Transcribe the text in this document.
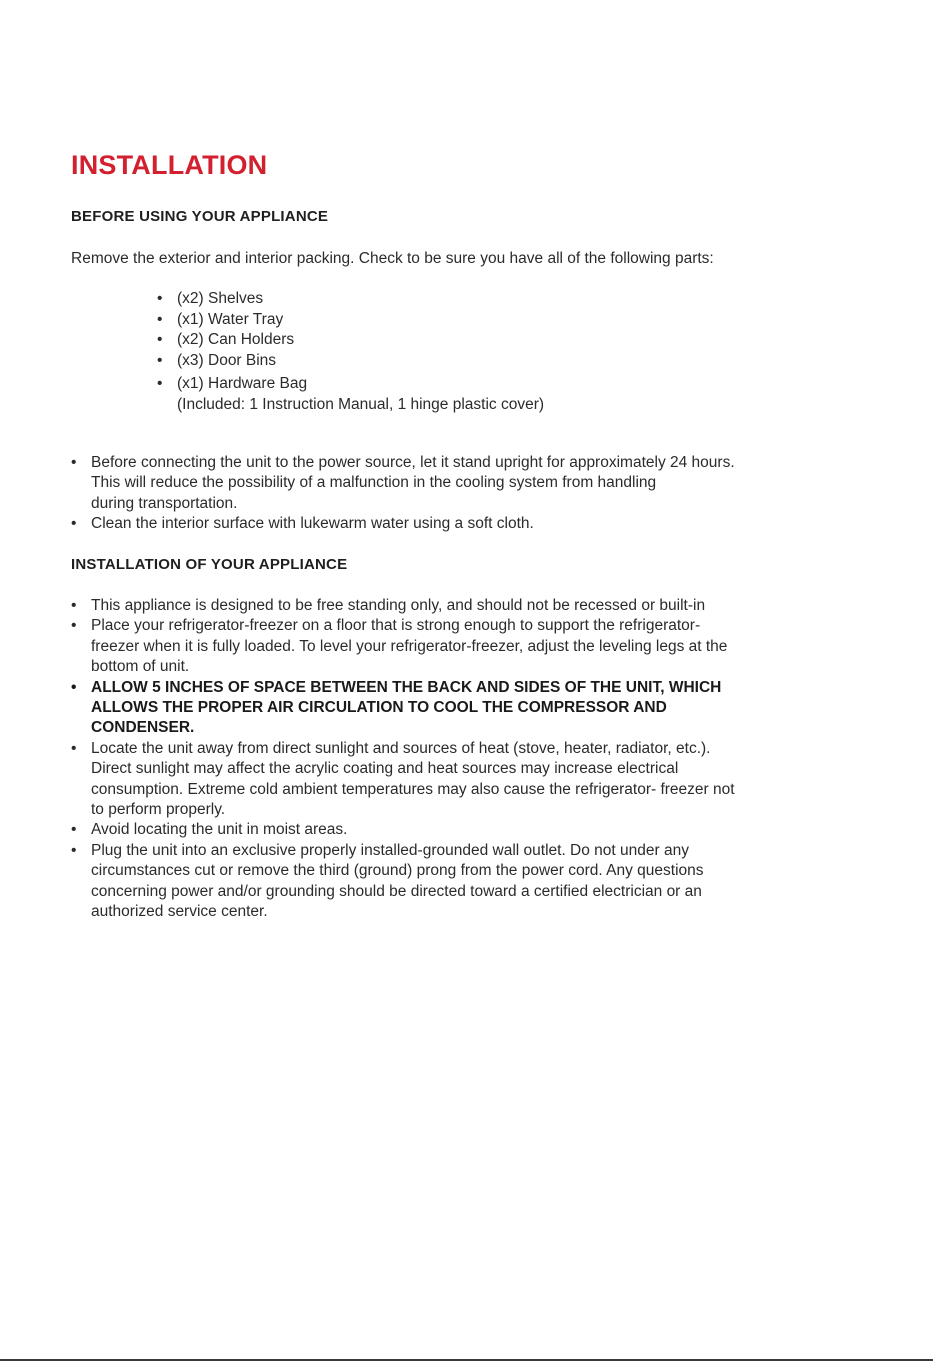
INSTALLATION
BEFORE USING YOUR APPLIANCE

Remove the exterior and interior packing. Check to be sure you have all of the following parts:

• (x2) Shelves
• (x1) Water Tray
• (x2) Can Holders
• (x3) Door Bins
• (x1) Hardware Bag
(Included: 1 Instruction Manual, 1 hinge plastic cover)
• Before connecting the unit to the power source, let it stand upright for approximately 24 hours.
This will reduce the possibility of a malfunction in the cooling system from handling
during transportation.
• Clean the interior surface with lukewarm water using a soft cloth.
INSTALLATION OF YOUR APPLIANCE
• This appliance is designed to be free standing only, and should not be recessed or built-in
• Place your refrigerator-freezer on a floor that is strong enough to support the refrigerator-
freezer when it is fully loaded. To level your refrigerator-freezer, adjust the leveling legs at the
bottom of unit.
• ALLOW 5 INCHES OF SPACE BETWEEN THE BACK AND SIDES OF THE UNIT, WHICH
ALLOWS THE PROPER AIR CIRCULATION TO COOL THE COMPRESSOR AND
CONDENSER.
• Locate the unit away from direct sunlight and sources of heat (stove, heater, radiator, etc.).
Direct sunlight may affect the acrylic coating and heat sources may increase electrical
consumption. Extreme cold ambient temperatures may also cause the refrigerator- freezer not
to perform properly.
• Avoid locating the unit in moist areas.
• Plug the unit into an exclusive properly installed-grounded wall outlet. Do not under any
circumstances cut or remove the third (ground) prong from the power cord. Any questions
concerning power and/or grounding should be directed toward a certified electrician or an
authorized service center.
